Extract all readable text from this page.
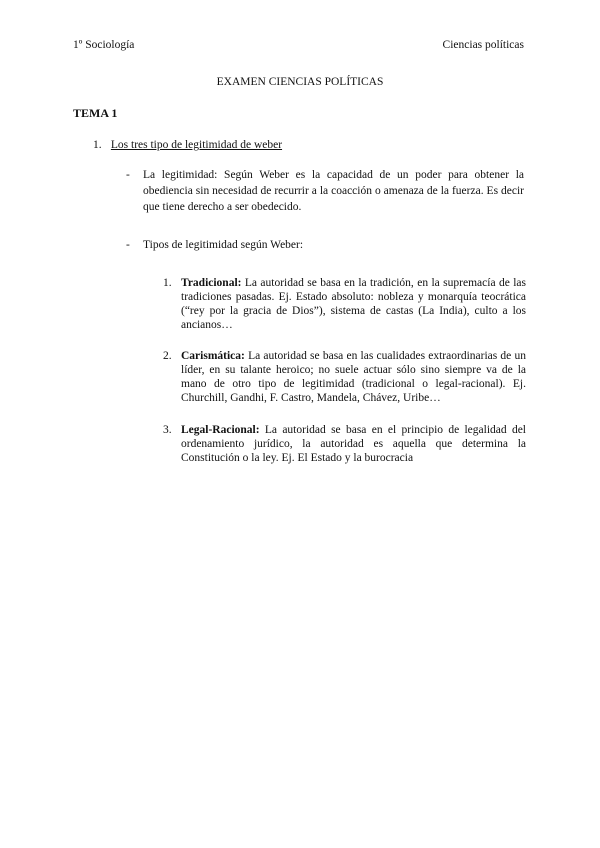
1º Sociología	Ciencias políticas
EXAMEN CIENCIAS POLÍTICAS
TEMA 1
1. Los tres tipo de legitimidad de weber
- La legitimidad: Según Weber es la capacidad de un poder para obtener la obediencia sin necesidad de recurrir a la coacción o amenaza de la fuerza. Es decir que tiene derecho a ser obedecido.
- Tipos de legitimidad según Weber:
1. Tradicional: La autoridad se basa en la tradición, en la supremacía de las tradiciones pasadas. Ej. Estado absoluto: nobleza y monarquía teocrática (“rey por la gracia de Dios”), sistema de castas (La India), culto a los ancianos…
2. Carismática: La autoridad se basa en las cualidades extraordinarias de un líder, en su talante heroico; no suele actuar sólo sino siempre va de la mano de otro tipo de legitimidad (tradicional o legal-racional). Ej. Churchill, Gandhi, F. Castro, Mandela, Chávez, Uribe…
3. Legal-Racional: La autoridad se basa en el principio de legalidad del ordenamiento jurídico, la autoridad es aquella que determina la Constitución o la ley. Ej. El Estado y la burocracia
